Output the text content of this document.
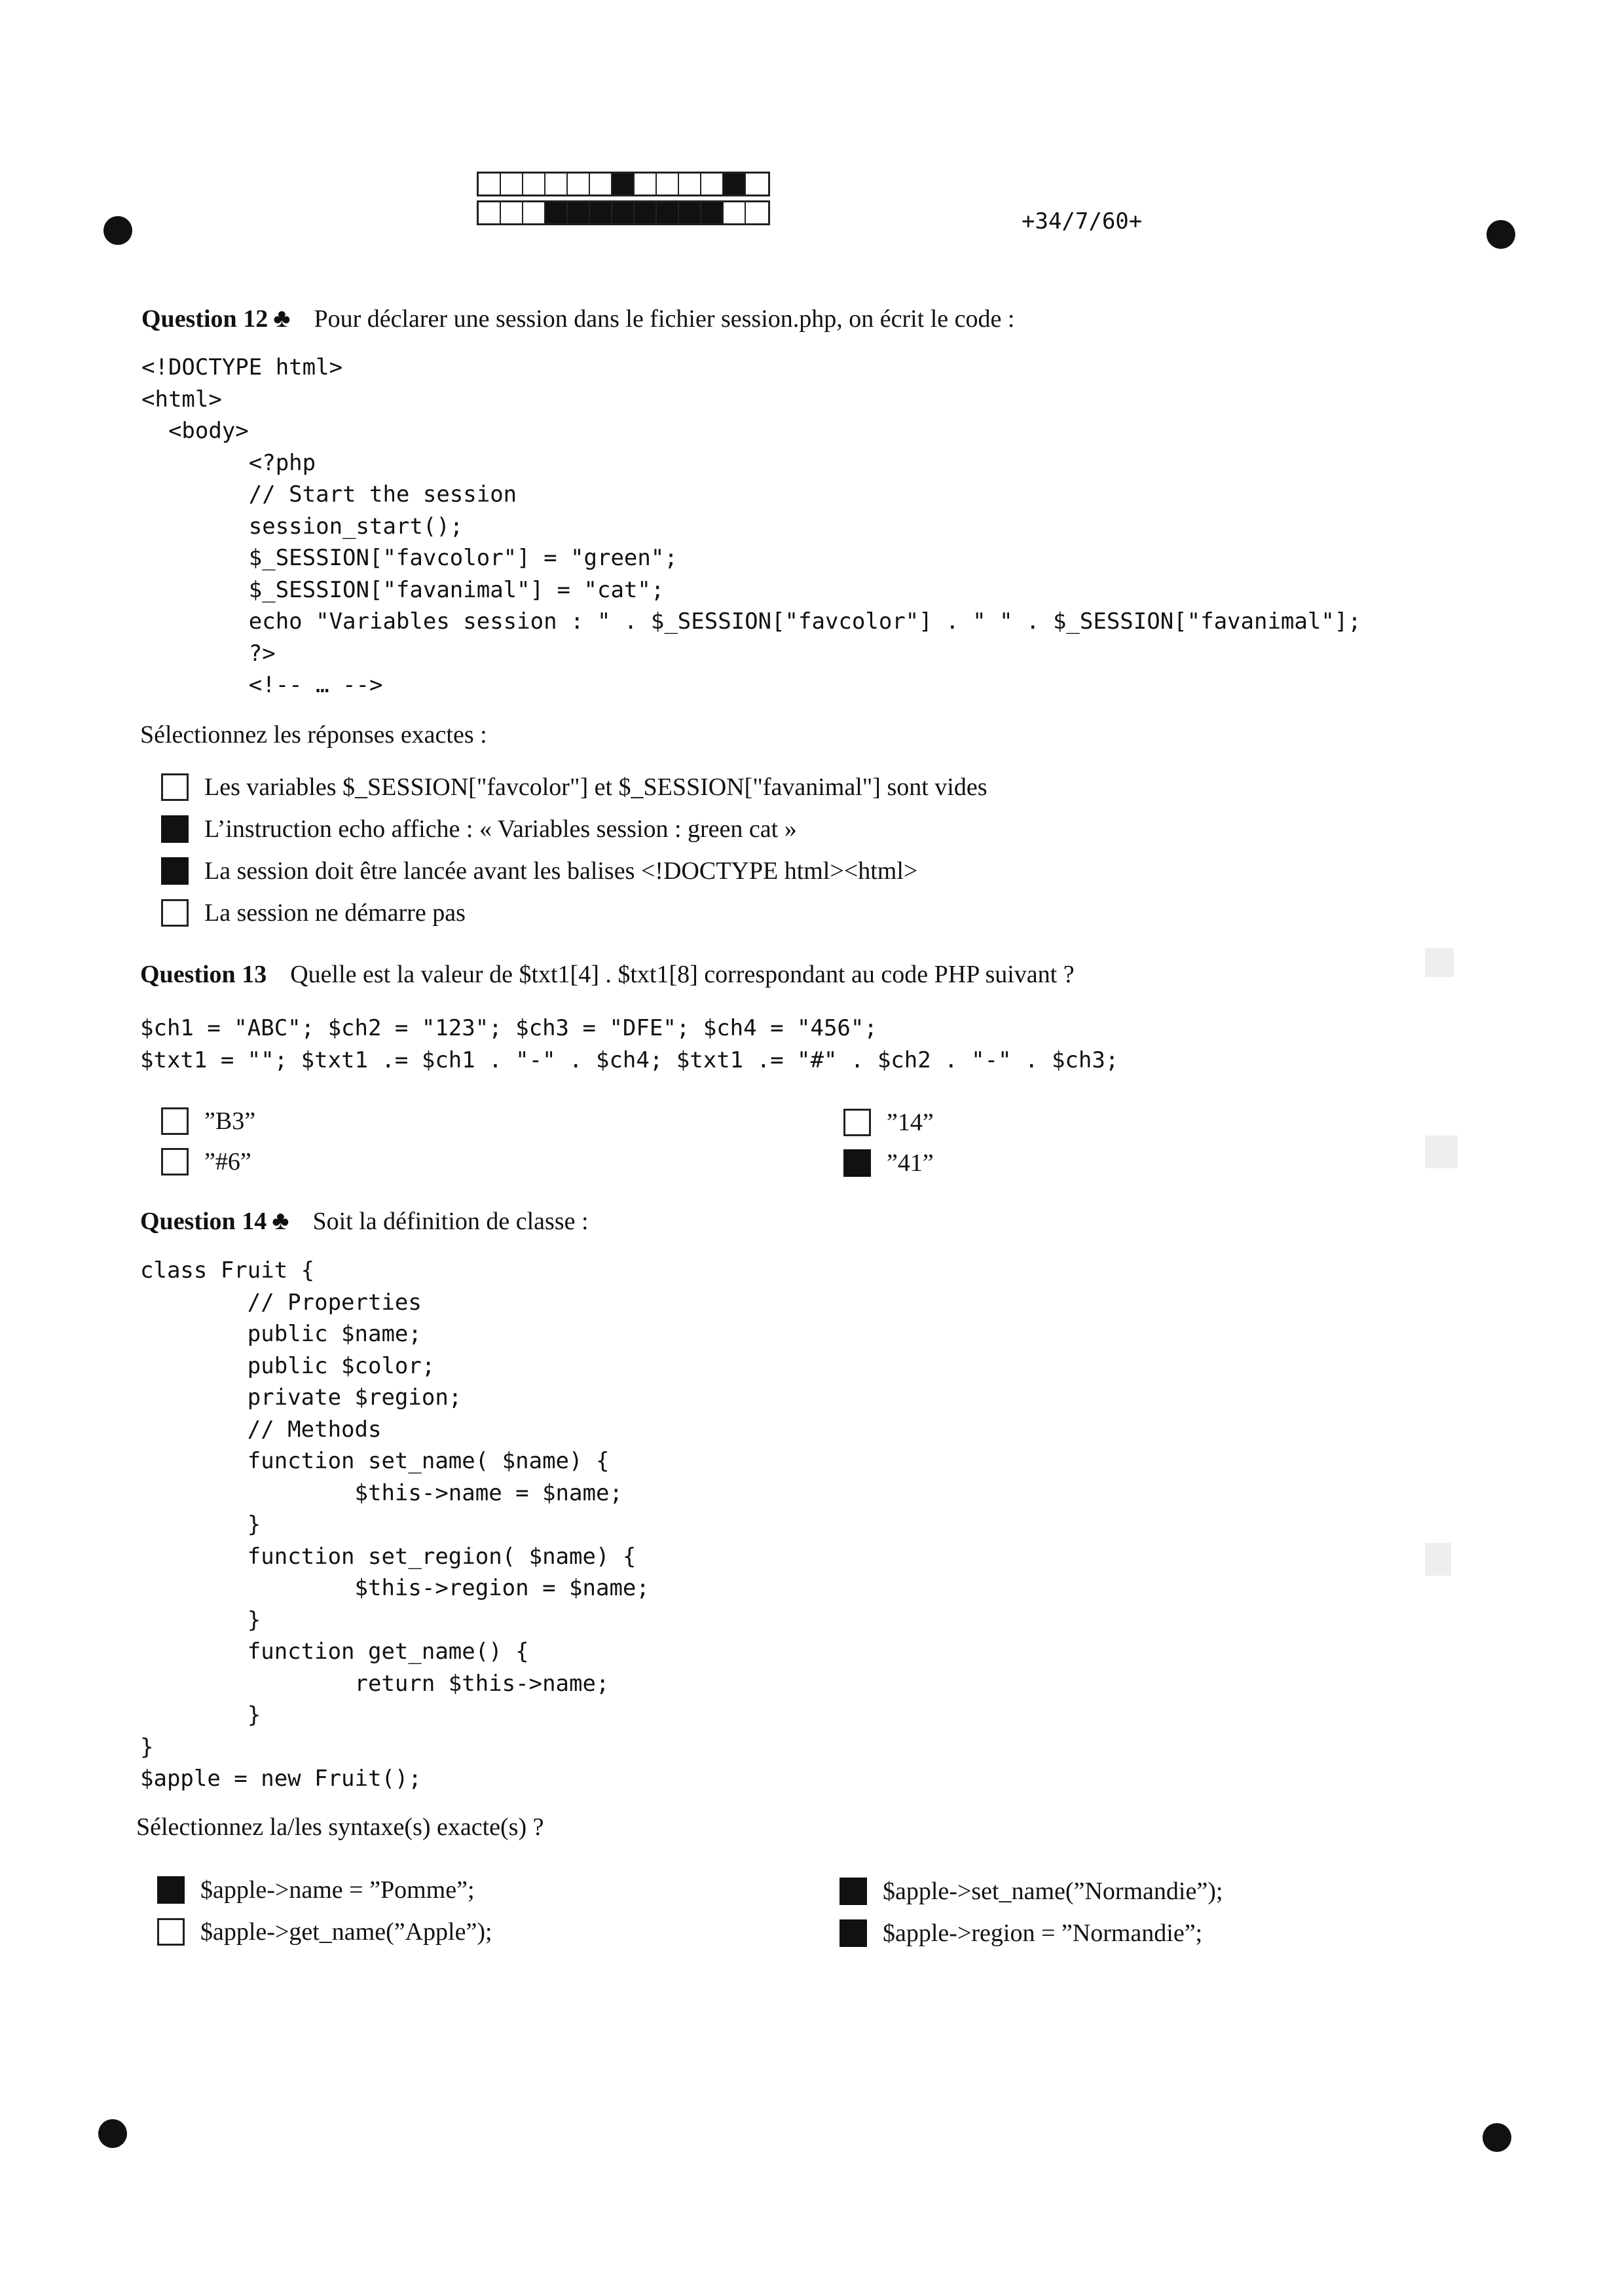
+34/7/60+
Question 12 ♣ Pour déclarer une session dans le fichier session.php, on écrit le code :
<!DOCTYPE html>
<html>
<body>
<?php
// Start the session
session_start();
$_SESSION["favcolor"] = "green";
$_SESSION["favanimal"] = "cat";
echo "Variables session : " . $_SESSION["favcolor"] . " " . $_SESSION["favanimal"];
?>
<!-- … -->
Sélectionnez les réponses exactes :
Les variables $_SESSION["favcolor"] et $_SESSION["favanimal"] sont vides
L’instruction echo affiche : « Variables session : green cat »
La session doit être lancée avant les balises <!DOCTYPE html><html>
La session ne démarre pas
Question 13 Quelle est la valeur de $txt1[4] . $txt1[8] correspondant au code PHP suivant ?
$ch1 = "ABC"; $ch2 = "123"; $ch3 = "DFE"; $ch4 = "456";
$txt1 = ""; $txt1 .= $ch1 . "-" . $ch4; $txt1 .= "#" . $ch2 . "-" . $ch3;
”B3”
”#6”
”14”
”41”
Question 14 ♣ Soit la définition de classe :
class Fruit {
// Properties
public $name;
public $color;
private $region;
// Methods
function set_name( $name) {
$this->name = $name;
}
function set_region( $name) {
$this->region = $name;
}
function get_name() {
return $this->name;
}
}
$apple = new Fruit();
Sélectionnez la/les syntaxe(s) exacte(s) ?
$apple->name = ”Pomme”;
$apple->get_name(”Apple”);
$apple->set_name(”Normandie”);
$apple->region = ”Normandie”;
